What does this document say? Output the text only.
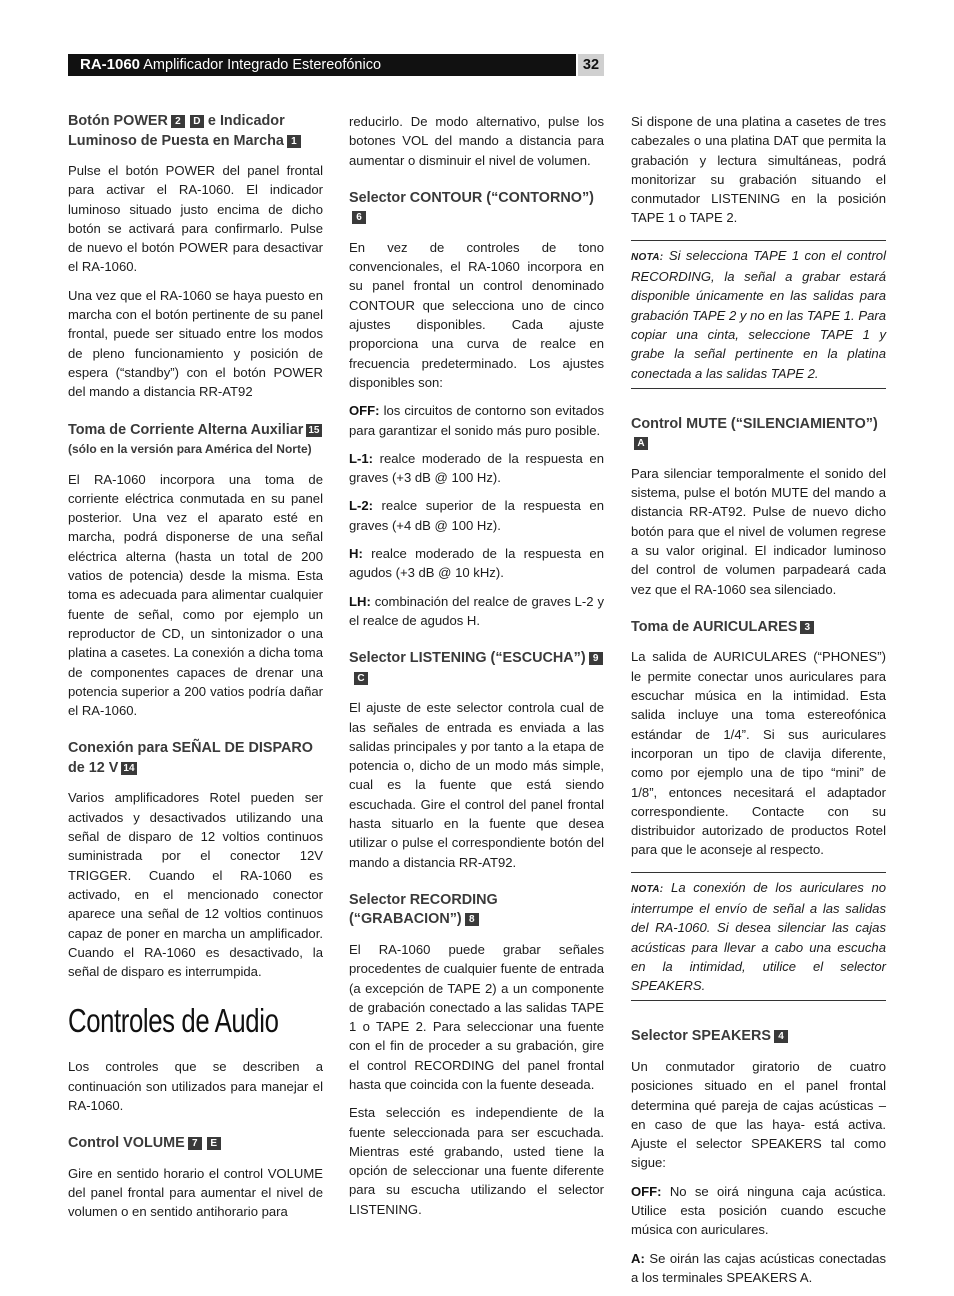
RA-1060 Amplificador Integrado Estereofónico	32
Botón POWER 2 D e Indicador Luminoso de Puesta en Marcha 1

Pulse el botón POWER del panel frontal para activar el RA-1060. El indicador luminoso situado justo encima de dicho botón se activará para confirmarlo. Pulse de nuevo el botón POWER para desactivar el RA-1060.

Una vez que el RA-1060 se haya puesto en marcha con el botón pertinente de su panel frontal, puede ser situado entre los modos de pleno funcionamiento y posición de espera (“standby”) con el botón POWER del mando a distancia RR-AT92

Toma de Corriente Alterna Auxiliar 15 (sólo en la versión para América del Norte)

El RA-1060 incorpora una toma de corriente eléctrica conmutada en su panel posterior. Una vez el aparato esté en marcha, podrá disponerse de una señal eléctrica alterna (hasta un total de 200 vatios de potencia) desde la misma. Esta toma es adecuada para alimentar cualquier fuente de señal, como por ejemplo un reproductor de CD, un sintonizador o una platina a casetes. La conexión a dicha toma de componentes capaces de drenar una potencia superior a 200 vatios podría dañar el RA-1060.

Conexión para SEÑAL DE DISPARO de 12 V 14

Varios amplificadores Rotel pueden ser activados y desactivados utilizando una señal de disparo de 12 voltios continuos suministrada por el conector 12V TRIGGER. Cuando el RA-1060 es activado, en el mencionado conector aparece una señal de 12 voltios continuos capaz de poner en marcha un amplificador. Cuando el RA-1060 es desactivado, la señal de disparo es interrumpida.

Controles de Audio

Los controles que se describen a continuación son utilizados para manejar el RA-1060.

Control VOLUME 7 E

Gire en sentido horario el control VOLUME del panel frontal para aumentar el nivel de volumen o en sentido antihorario para

reducirlo. De modo alternativo, pulse los botones VOL del mando a distancia para aumentar o disminuir el nivel de volumen.

Selector CONTOUR (“CONTORNO”)6

En vez de controles de tono convencionales, el RA-1060 incorpora en su panel frontal un control denominado CONTOUR que selecciona uno de cinco ajustes disponibles. Cada ajuste proporciona una curva de realce en frecuencia predeterminado. Los ajustes disponibles son:

OFF: los circuitos de contorno son evitados para garantizar el sonido más puro posible.

L-1: realce moderado de la respuesta en graves (+3 dB @ 100 Hz).

L-2: realce superior de la respuesta en graves (+4 dB @ 100 Hz).

H: realce moderado de la respuesta en agudos (+3 dB @ 10 kHz).

LH: combinación del realce de graves L-2 y el realce de agudos H.

Selector LISTENING (“ESCUCHA”) 9C

El ajuste de este selector controla cual de las señales de entrada es enviada a las salidas principales y por tanto a la etapa de potencia o, dicho de un modo más simple, cual es la fuente que está siendo escuchada. Gire el control del panel frontal hasta situarlo en la fuente que desea utilizar o pulse el correspondiente botón del mando a distancia RR-AT92.

Selector RECORDING (“GRABACION”) 8

El RA-1060 puede grabar señales procedentes de cualquier fuente de entrada (a excepción de TAPE 2) a un componente de grabación conectado a las salidas TAPE 1 o TAPE 2. Para seleccionar una fuente con el fin de proceder a su grabación, gire el control RECORDING del panel frontal hasta que coincida con la fuente deseada.

Esta selección es independiente de la fuente seleccionada para ser escuchada. Mientras esté grabando, usted tiene la opción de seleccionar una fuente diferente para su escucha utilizando el selector LISTENING.

Si dispone de una platina a casetes de tres cabezales o una platina DAT que permita la grabación y lectura simultáneas, podrá monitorizar su grabación situando el conmutador LISTENING en la posición TAPE 1 o TAPE 2.

NOTA: Si selecciona TAPE 1 con el control RECORDING, la señal a grabar estará disponible únicamente en las salidas para grabación TAPE 2 y no en las TAPE 1. Para copiar una cinta, seleccione TAPE 1 y grabe la señal pertinente en la platina conectada a las salidas TAPE 2.

Control MUTE (“SILENCIAMIENTO”)A

Para silenciar temporalmente el sonido del sistema, pulse el botón MUTE del mando a distancia RR-AT92. Pulse de nuevo dicho botón para que el nivel de volumen regrese a su valor original. El indicador luminoso del control de volumen parpadeará cada vez que el RA-1060 sea silenciado.

Toma de AURICULARES 3

La salida de AURICULARES (“PHONES”) le permite conectar unos auriculares para escuchar música en la intimidad. Esta salida incluye una toma estereofónica estándar de 1/4”. Si sus auriculares incorporan un tipo de clavija diferente, como por ejemplo una de tipo “mini” de 1/8”, entonces necesitará el adaptador correspondiente. Contacte con su distribuidor autorizado de productos Rotel para que le aconseje al respecto.

NOTA: La conexión de los auriculares no interrumpe el envío de señal a las salidas del RA-1060. Si desea silenciar las cajas acústicas para llevar a cabo una escucha en la intimidad, utilice el selector SPEAKERS.

Selector SPEAKERS 4

Un conmutador giratorio de cuatro posiciones situado en el panel frontal determina qué pareja de cajas acústicas – en caso de que las haya- está activa. Ajuste el selector SPEAKERS tal como sigue:

OFF: No se oirá ninguna caja acústica. Utilice esta posición cuando escuche música con auriculares.

A: Se oirán las cajas acústicas conectadas a los terminales SPEAKERS A.
